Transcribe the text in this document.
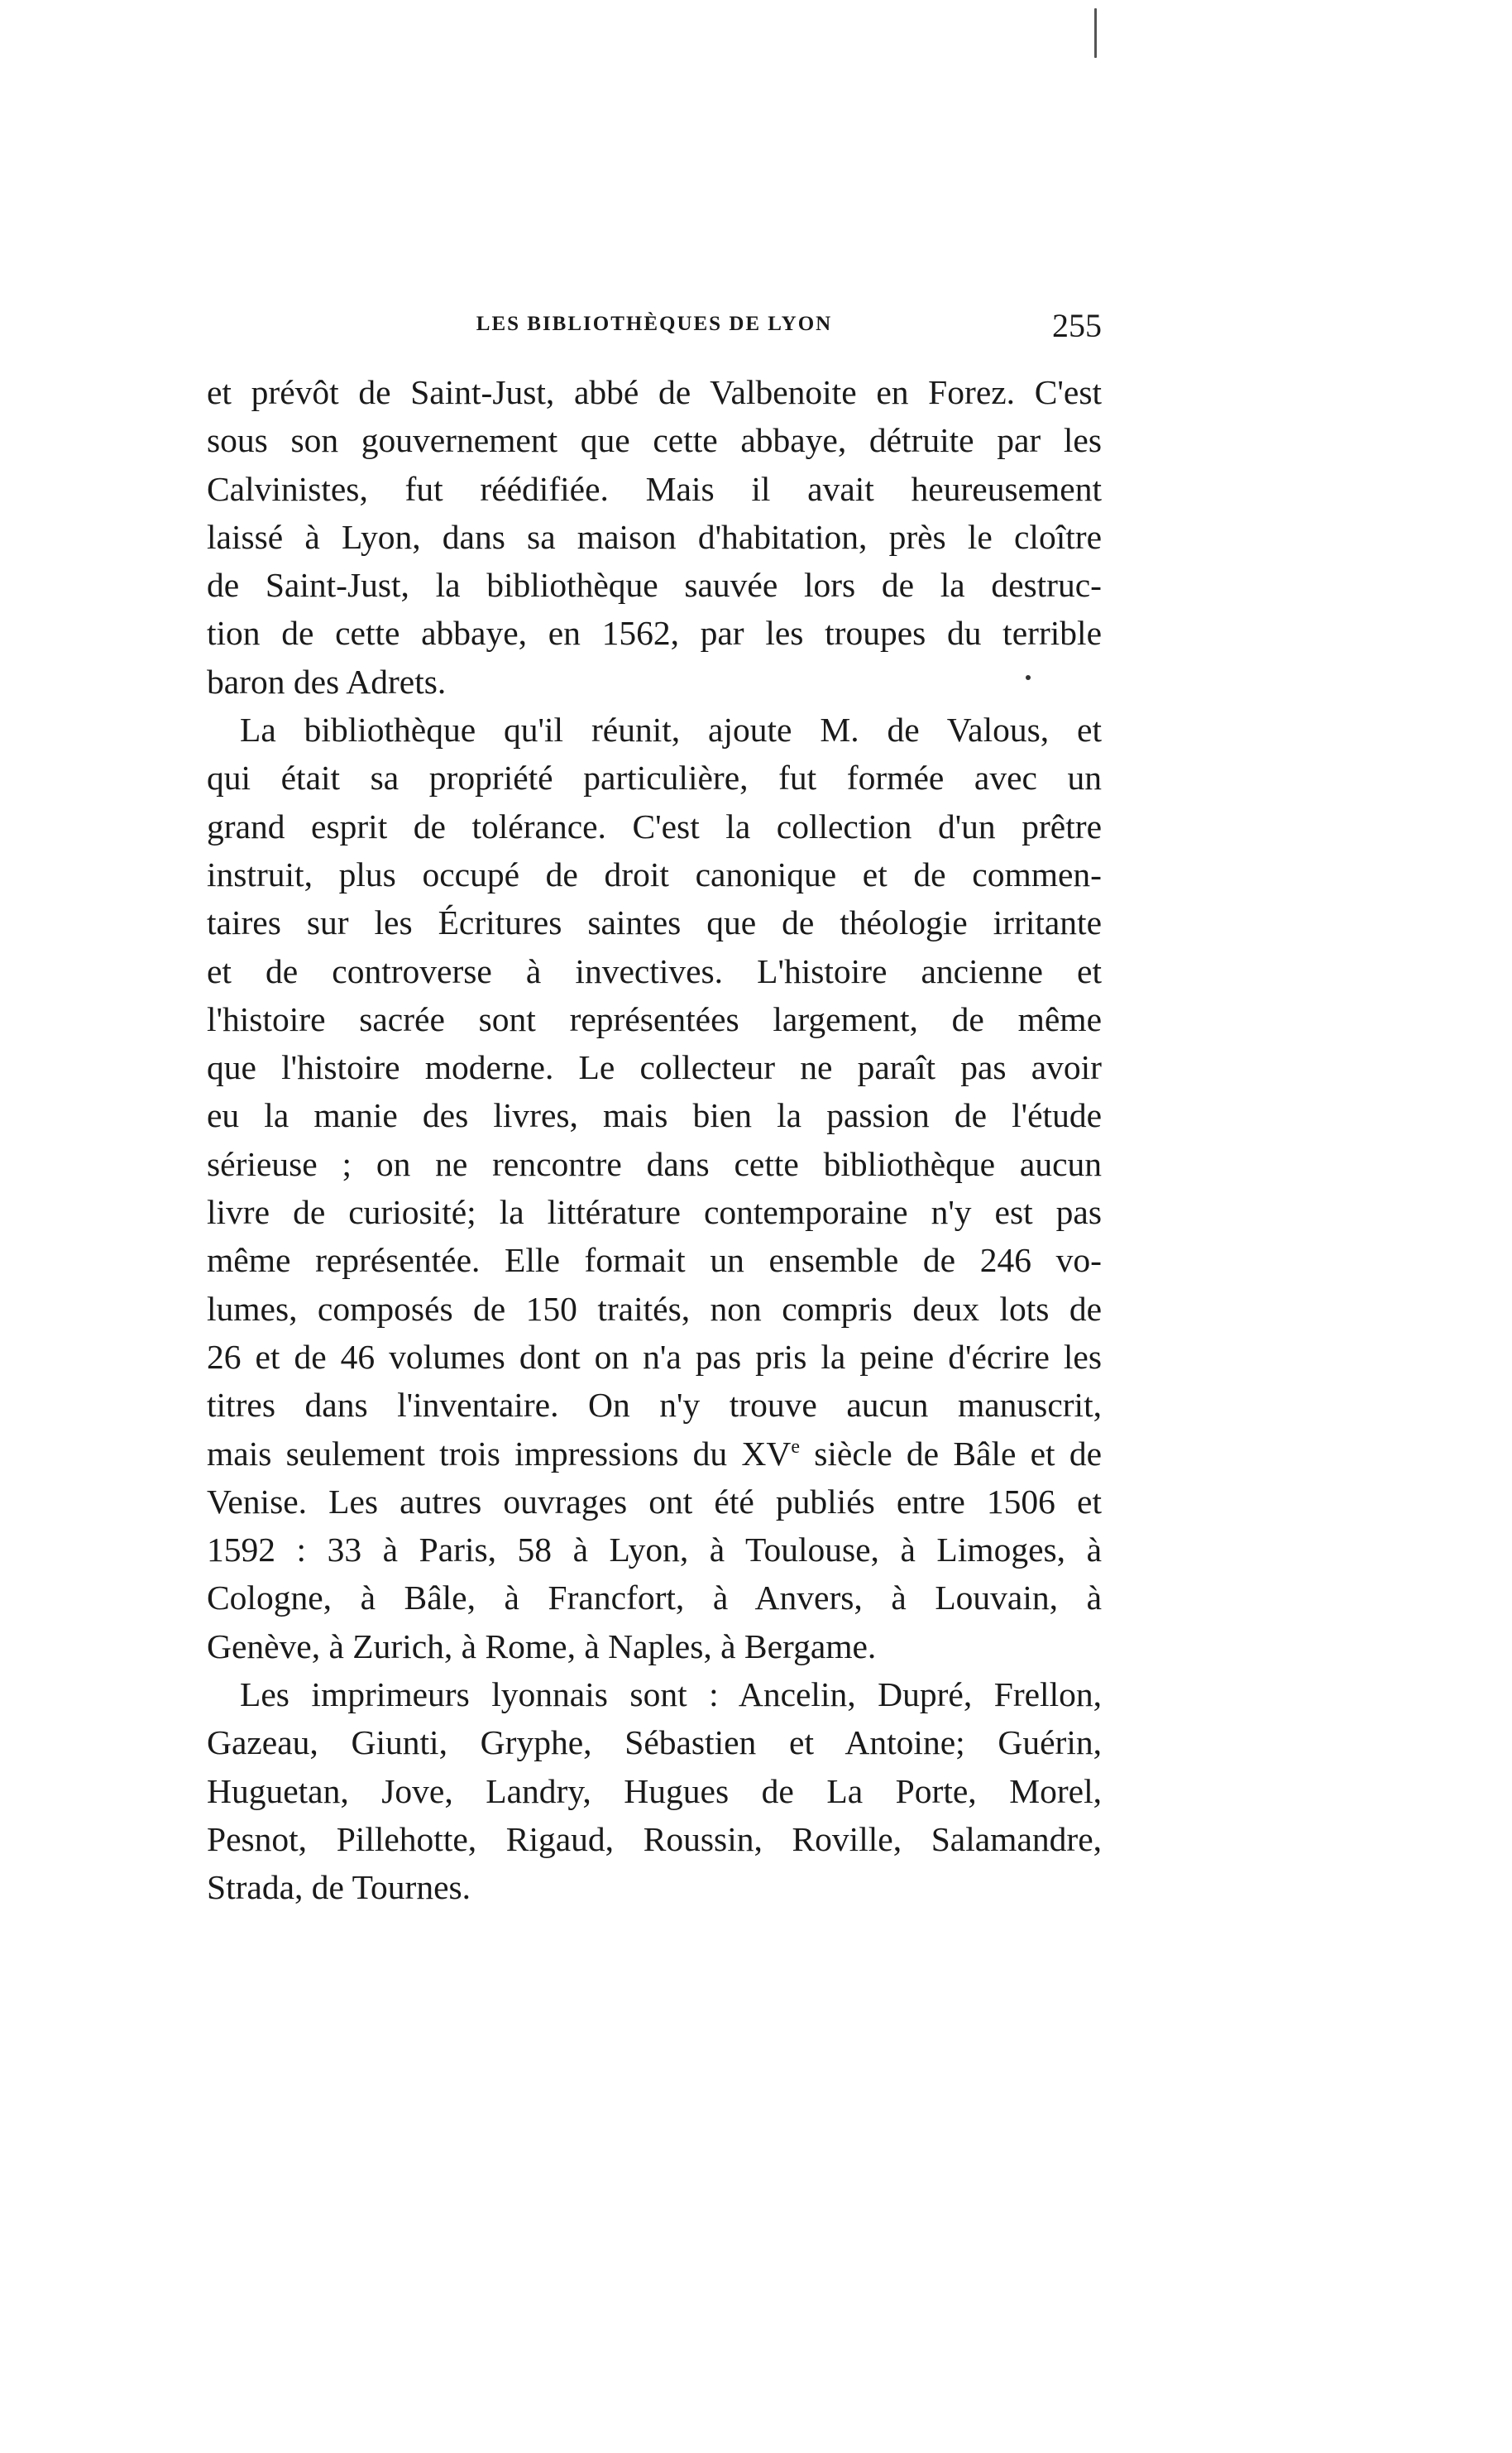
LES BIBLIOTHÈQUES DE LYON	255
et prévôt de Saint-Just, abbé de Valbenoite en Forez. C'est
sous son gouvernement que cette abbaye, détruite par les
Calvinistes, fut réédifiée. Mais il avait heureusement
laissé à Lyon, dans sa maison d'habitation, près le cloître
de Saint-Just, la bibliothèque sauvée lors de la destruc-
tion de cette abbaye, en 1562, par les troupes du terrible
baron des Adrets.
La bibliothèque qu'il réunit, ajoute M. de Valous, et
qui était sa propriété particulière, fut formée avec un
grand esprit de tolérance. C'est la collection d'un prêtre
instruit, plus occupé de droit canonique et de commen-
taires sur les Écritures saintes que de théologie irritante
et de controverse à invectives. L'histoire ancienne et
l'histoire sacrée sont représentées largement, de même
que l'histoire moderne. Le collecteur ne paraît pas avoir
eu la manie des livres, mais bien la passion de l'étude
sérieuse ; on ne rencontre dans cette bibliothèque aucun
livre de curiosité; la littérature contemporaine n'y est pas
même représentée. Elle formait un ensemble de 246 vo-
lumes, composés de 150 traités, non compris deux lots de
26 et de 46 volumes dont on n'a pas pris la peine d'écrire les
titres dans l'inventaire. On n'y trouve aucun manuscrit,
mais seulement trois impressions du XVe siècle de Bâle et de
Venise. Les autres ouvrages ont été publiés entre 1506 et
1592 : 33 à Paris, 58 à Lyon, à Toulouse, à Limoges, à
Cologne, à Bâle, à Francfort, à Anvers, à Louvain, à
Genève, à Zurich, à Rome, à Naples, à Bergame.
Les imprimeurs lyonnais sont : Ancelin, Dupré, Frellon,
Gazeau, Giunti, Gryphe, Sébastien et Antoine; Guérin,
Huguetan, Jove, Landry, Hugues de La Porte, Morel,
Pesnot, Pillehotte, Rigaud, Roussin, Roville, Salamandre,
Strada, de Tournes.
